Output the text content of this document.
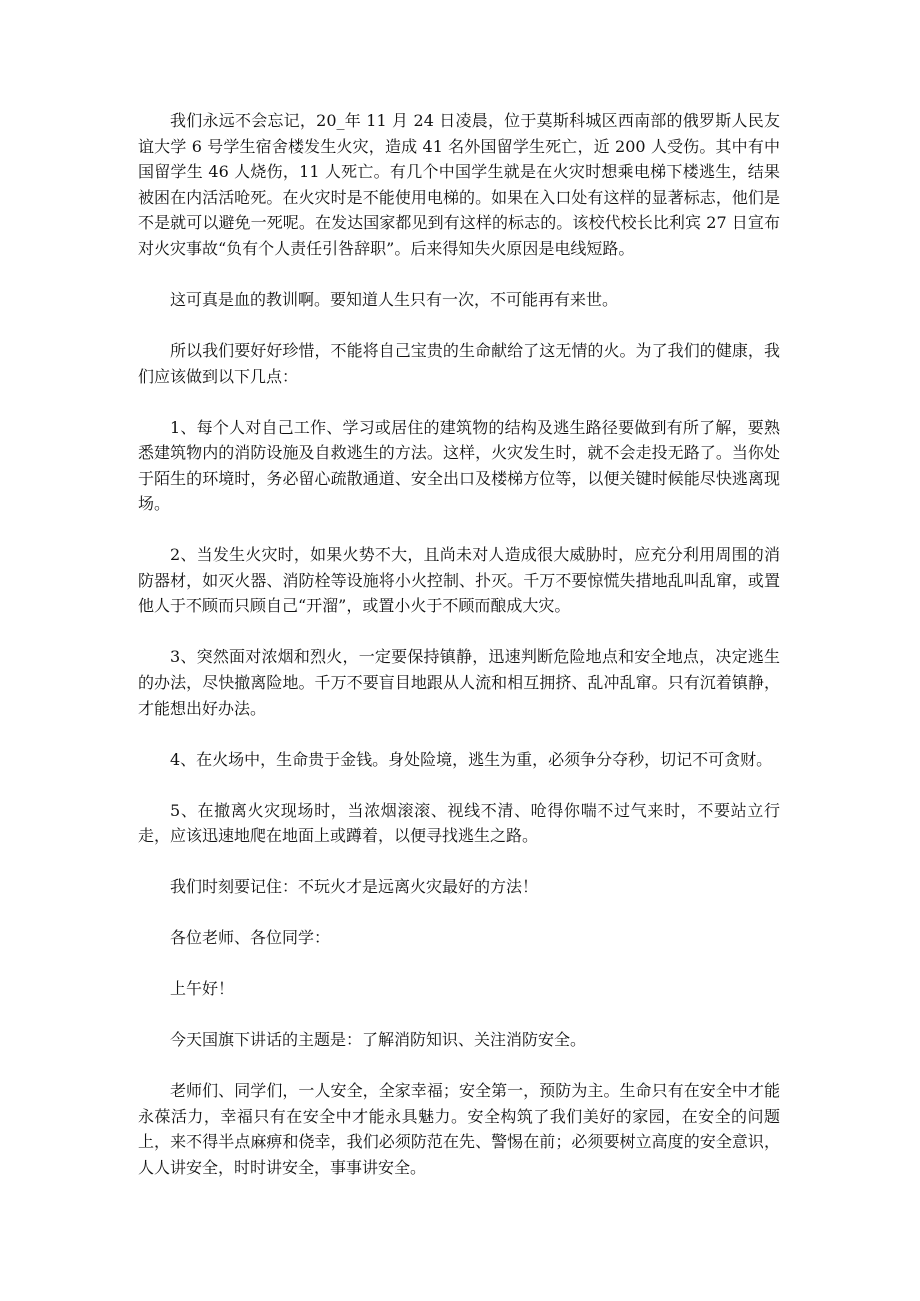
我们永远不会忘记，20_年 11 月 24 日凌晨，位于莫斯科城区西南部的俄罗斯人民友谊大学 6 号学生宿舍楼发生火灾，造成 41 名外国留学生死亡，近 200 人受伤。其中有中国留学生 46 人烧伤，11 人死亡。有几个中国学生就是在火灾时想乘电梯下楼逃生，结果被困在内活活呛死。在火灾时是不能使用电梯的。如果在入口处有这样的显著标志，他们是不是就可以避免一死呢。在发达国家都见到有这样的标志的。该校代校长比利宾 27 日宣布对火灾事故“负有个人责任引咎辞职”。后来得知失火原因是电线短路。

这可真是血的教训啊。要知道人生只有一次，不可能再有来世。

所以我们要好好珍惜，不能将自己宝贵的生命献给了这无情的火。为了我们的健康，我们应该做到以下几点：

1、每个人对自己工作、学习或居住的建筑物的结构及逃生路径要做到有所了解，要熟悉建筑物内的消防设施及自救逃生的方法。这样，火灾发生时，就不会走投无路了。当你处于陌生的环境时，务必留心疏散通道、安全出口及楼梯方位等，以便关键时候能尽快逃离现场。

2、当发生火灾时，如果火势不大，且尚未对人造成很大威胁时，应充分利用周围的消防器材，如灭火器、消防栓等设施将小火控制、扑灭。千万不要惊慌失措地乱叫乱窜，或置他人于不顾而只顾自己“开溜”，或置小火于不顾而酿成大灾。

3、突然面对浓烟和烈火，一定要保持镇静，迅速判断危险地点和安全地点，决定逃生的办法，尽快撤离险地。千万不要盲目地跟从人流和相互拥挤、乱冲乱窜。只有沉着镇静，才能想出好办法。

4、在火场中，生命贵于金钱。身处险境，逃生为重，必须争分夺秒，切记不可贪财。

5、在撤离火灾现场时，当浓烟滚滚、视线不清、呛得你喘不过气来时，不要站立行走，应该迅速地爬在地面上或蹲着，以便寻找逃生之路。

我们时刻要记住：不玩火才是远离火灾最好的方法！

各位老师、各位同学：

上午好！

今天国旗下讲话的主题是：了解消防知识、关注消防安全。

老师们、同学们，一人安全，全家幸福；安全第一，预防为主。生命只有在安全中才能永葆活力，幸福只有在安全中才能永具魅力。安全构筑了我们美好的家园，在安全的问题上，来不得半点麻痹和侥幸，我们必须防范在先、警惕在前；必须要树立高度的安全意识，人人讲安全，时时讲安全，事事讲安全。
